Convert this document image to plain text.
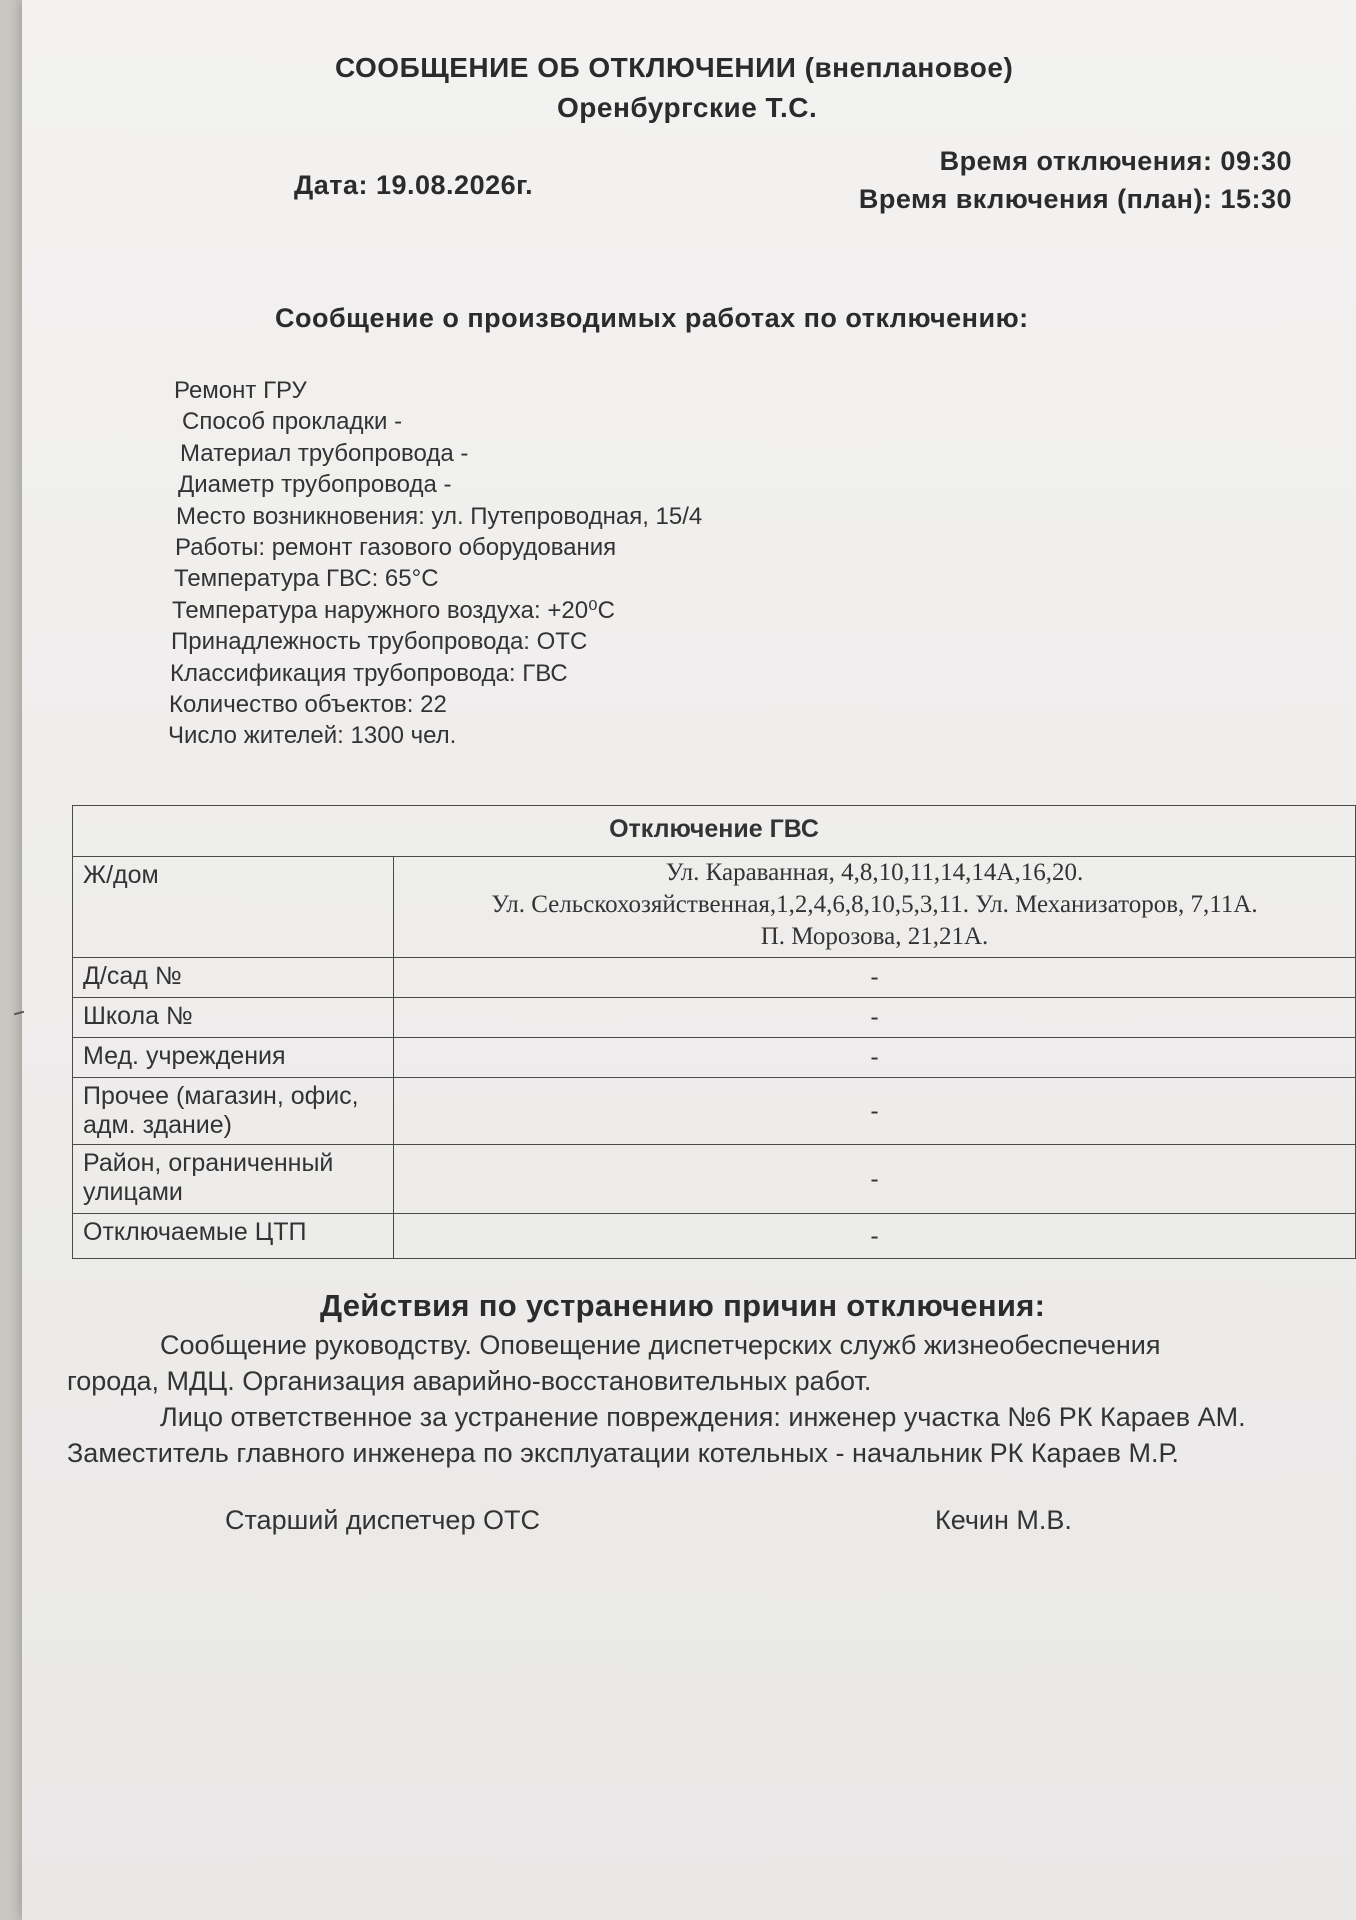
СООБЩЕНИЕ ОБ ОТКЛЮЧЕНИИ (внеплановое)
Оренбургские Т.С.
Дата: 19.08.2026г.
Время отключения: 09:30
Время включения (план): 15:30
Сообщение о производимых работах по отключению:
Ремонт ГРУ
Способ прокладки -
Материал трубопровода -
Диаметр трубопровода -
Место возникновения: ул. Путепроводная, 15/4
Работы: ремонт газового оборудования
Температура ГВС: 65°С
Температура наружного воздуха: +20⁰С
Принадлежность трубопровода: ОТС
Классификация трубопровода: ГВС
Количество объектов: 22
Число жителей: 1300 чел.
Отключение ГВС	
Ж/дом	Ул. Караванная, 4,8,10,11,14,14А,16,20.
Ул. Сельскохозяйственная,1,2,4,6,8,10,5,3,11. Ул. Механизаторов, 7,11А.
П. Морозова, 21,21А.

Д/сад №	-
Школа №	-
Мед. учреждения	-
Прочее (магазин, офис, адм. здание)	-
Район, ограниченный улицами	-
Отключаемые ЦТП	-
Действия по устранению причин отключения:
Сообщение руководству. Оповещение диспетчерских служб жизнеобеспечения
города, МДЦ. Организация аварийно-восстановительных работ.
Лицо ответственное за устранение повреждения: инженер участка №6 РК Караев АМ.
Заместитель главного инженера по эксплуатации котельных - начальник РК Караев М.Р.
Старший диспетчер ОТС	Кечин М.В.
